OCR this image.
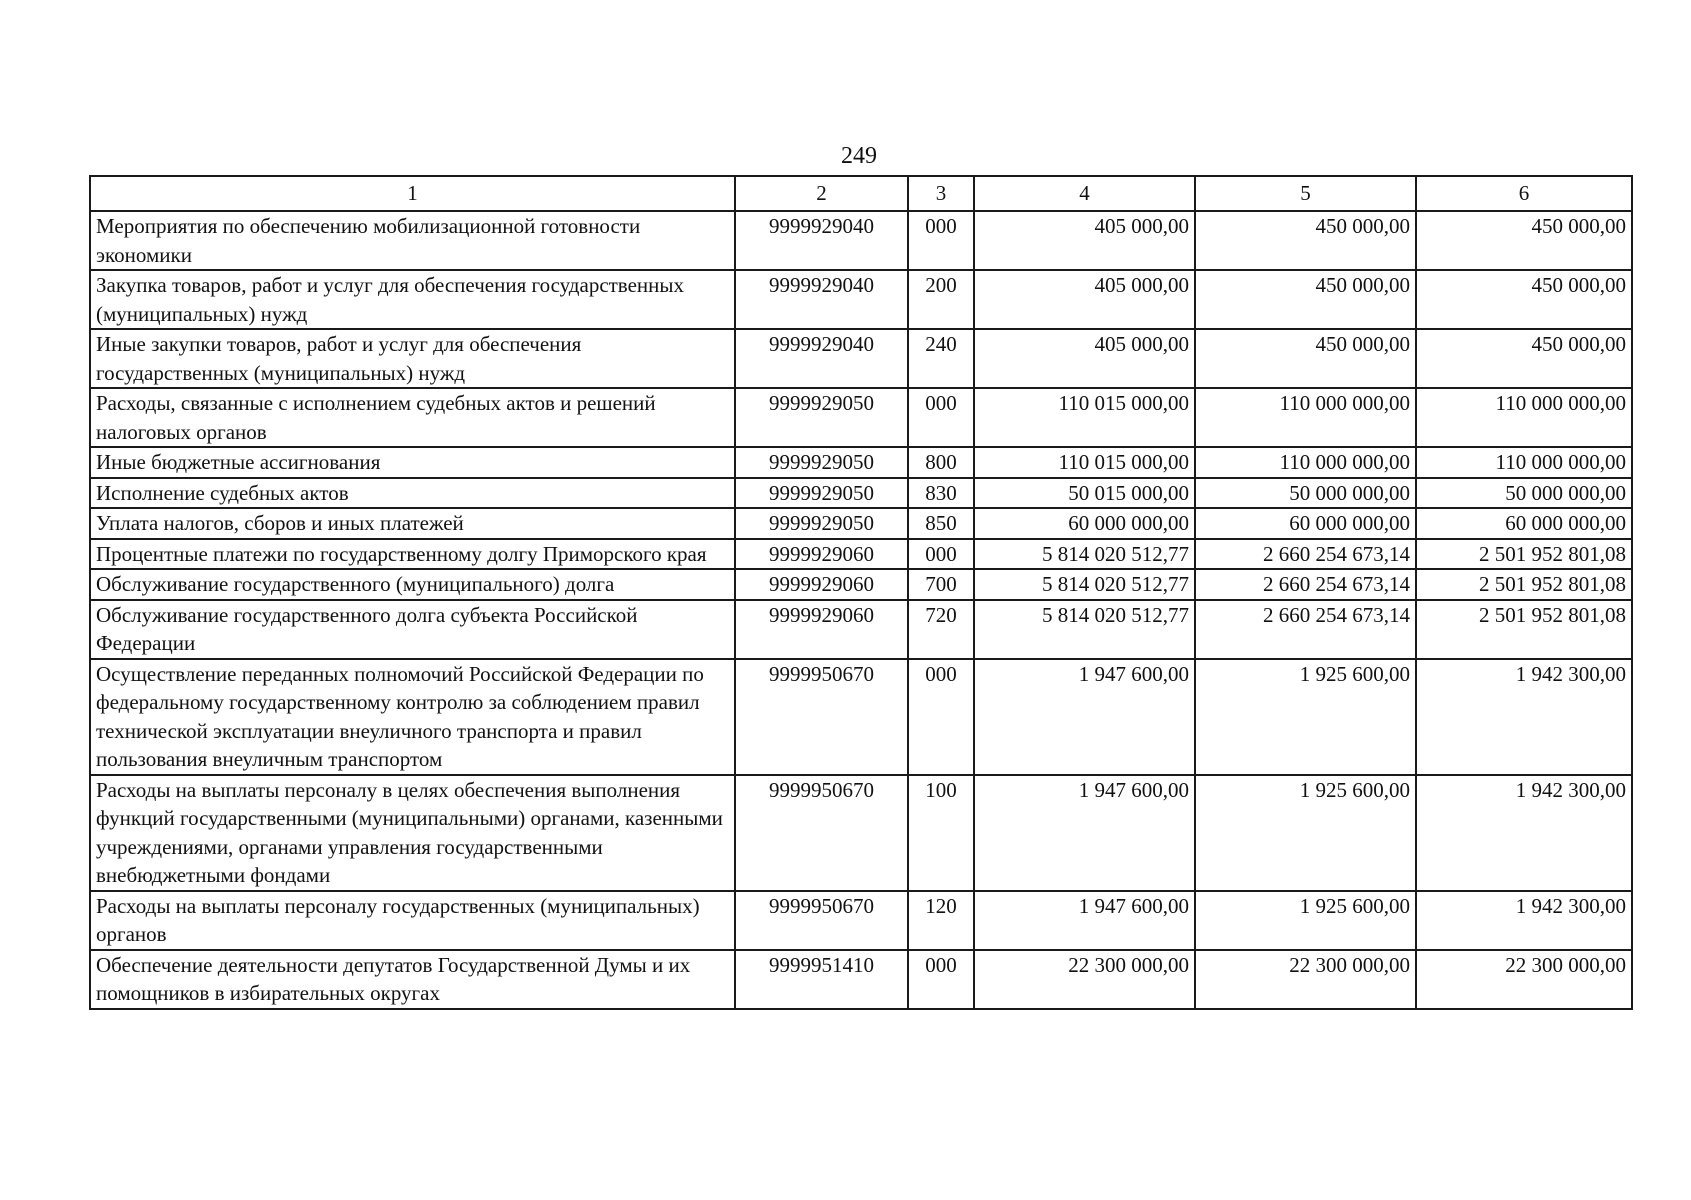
249
1	2	3	4	5	6
Мероприятия по обеспечению мобилизационной готовности экономики	9999929040	000	405 000,00	450 000,00	450 000,00
Закупка товаров, работ и услуг для обеспечения государственных (муниципальных) нужд	9999929040	200	405 000,00	450 000,00	450 000,00
Иные закупки товаров, работ и услуг для обеспечения государственных (муниципальных) нужд	9999929040	240	405 000,00	450 000,00	450 000,00
Расходы, связанные с исполнением судебных актов и решений налоговых органов	9999929050	000	110 015 000,00	110 000 000,00	110 000 000,00
Иные бюджетные ассигнования	9999929050	800	110 015 000,00	110 000 000,00	110 000 000,00
Исполнение судебных актов	9999929050	830	50 015 000,00	50 000 000,00	50 000 000,00
Уплата налогов, сборов и иных платежей	9999929050	850	60 000 000,00	60 000 000,00	60 000 000,00
Процентные платежи по государственному долгу Приморского края	9999929060	000	5 814 020 512,77	2 660 254 673,14	2 501 952 801,08
Обслуживание государственного (муниципального) долга	9999929060	700	5 814 020 512,77	2 660 254 673,14	2 501 952 801,08
Обслуживание государственного долга субъекта Российской Федерации	9999929060	720	5 814 020 512,77	2 660 254 673,14	2 501 952 801,08
Осуществление переданных полномочий Российской Федерации по федеральному государственному контролю за соблюдением правил технической эксплуатации внеуличного транспорта и правил пользования внеуличным транспортом	9999950670	000	1 947 600,00	1 925 600,00	1 942 300,00
Расходы на выплаты персоналу в целях обеспечения выполнения функций государственными (муниципальными) органами, казенными учреждениями, органами управления государственными внебюджетными фондами	9999950670	100	1 947 600,00	1 925 600,00	1 942 300,00
Расходы на выплаты персоналу государственных (муниципальных) органов	9999950670	120	1 947 600,00	1 925 600,00	1 942 300,00
Обеспечение деятельности депутатов Государственной Думы и их помощников в избирательных округах	9999951410	000	22 300 000,00	22 300 000,00	22 300 000,00
